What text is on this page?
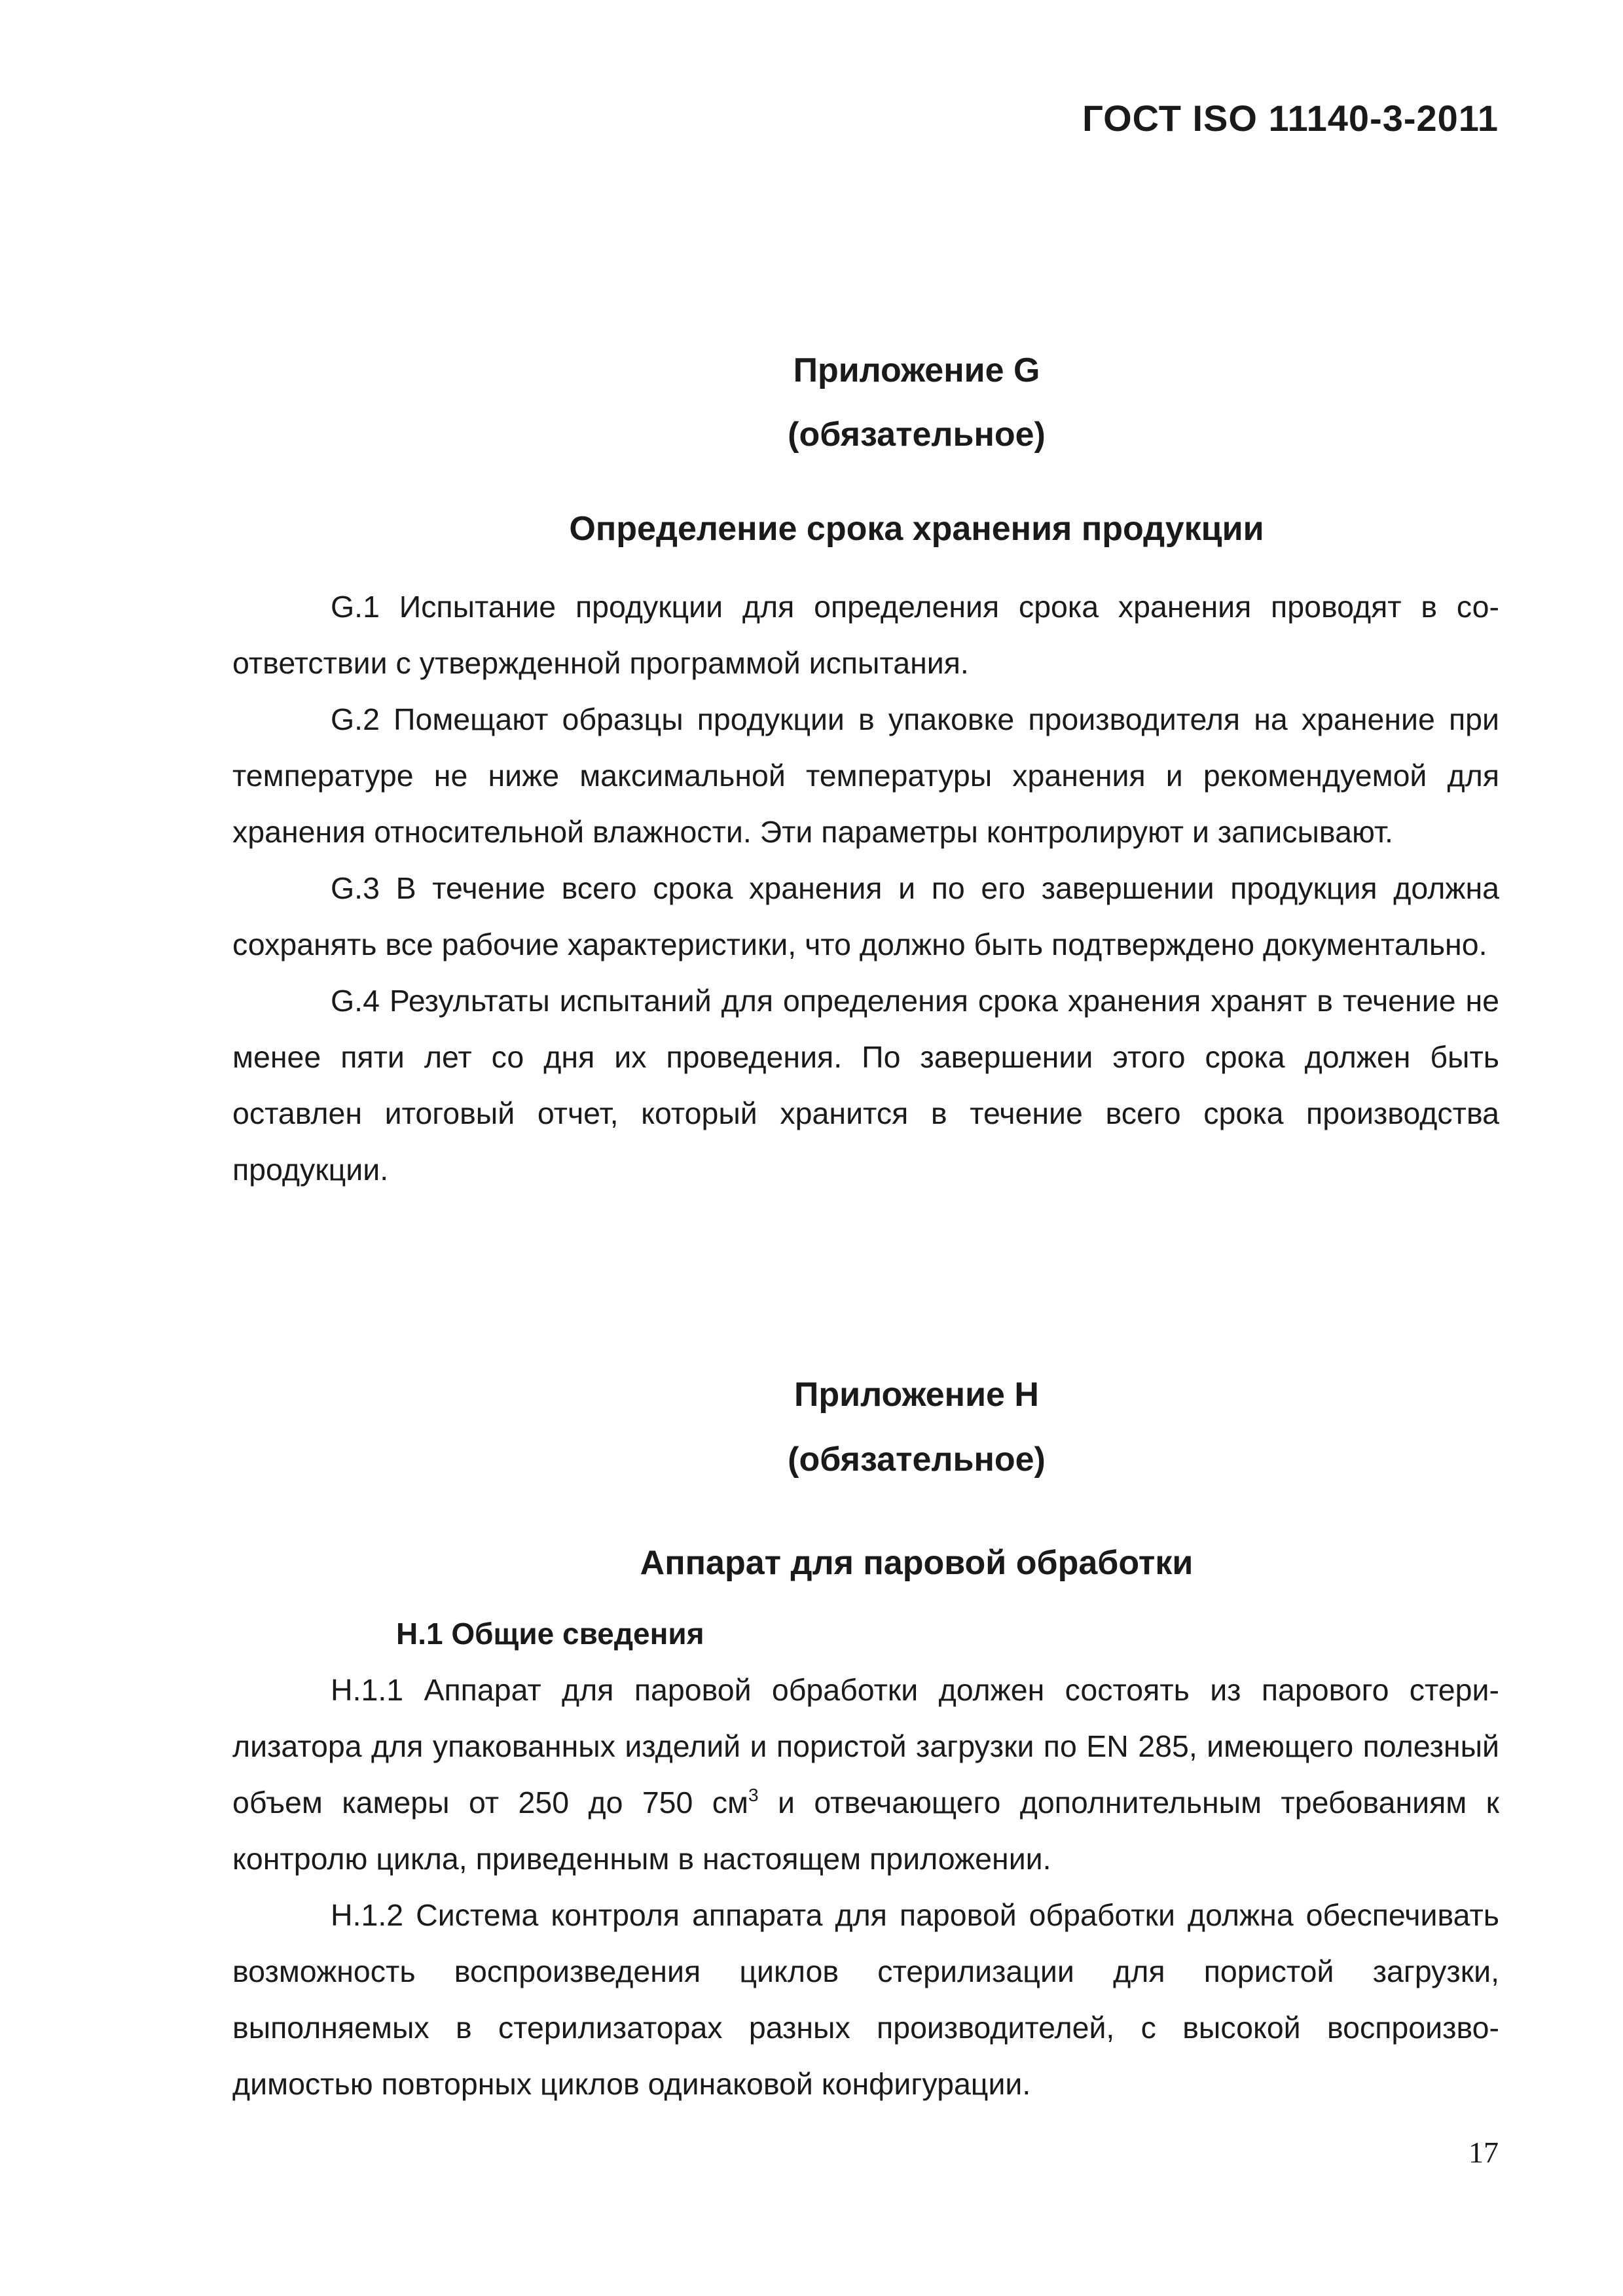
ГОСТ ISO 11140-3-2011
Приложение G
(обязательное)
Определение срока хранения продукции

G.1 Испытание продукции для определения срока хранения проводят в соответствии с утвержденной программой испытания.

G.2 Помещают образцы продукции в упаковке производителя на хранение при температуре не ниже максимальной температуры хранения и рекомендуемой для хранения относительной влажности. Эти параметры контролируют и записывают.

G.3 В течение всего срока хранения и по его завершении продукция должна сохранять все рабочие характеристики, что должно быть подтверждено документально.

G.4 Результаты испытаний для определения срока хранения хранят в течение не менее пяти лет со дня их проведения. По завершении этого срока должен быть оставлен итоговый отчет, который хранится в течение всего срока производства продукции.

Приложение H
(обязательное)
Аппарат для паровой обработки
Н.1 Общие сведения

Н.1.1 Аппарат для паровой обработки должен состоять из парового стерилизатора для упакованных изделий и пористой загрузки по EN 285, имеющего полезный объем камеры от 250 до 750 $см^3$ и отвечающего дополнительным требованиям к контролю цикла, приведенным в настоящем приложении.

Н.1.2 Система контроля аппарата для паровой обработки должна обеспечивать возможность воспроизведения циклов стерилизации для пористой загрузки, выполняемых в стерилизаторах разных производителей, с высокой воспроизводимостью повторных циклов одинаковой конфигурации.

17
